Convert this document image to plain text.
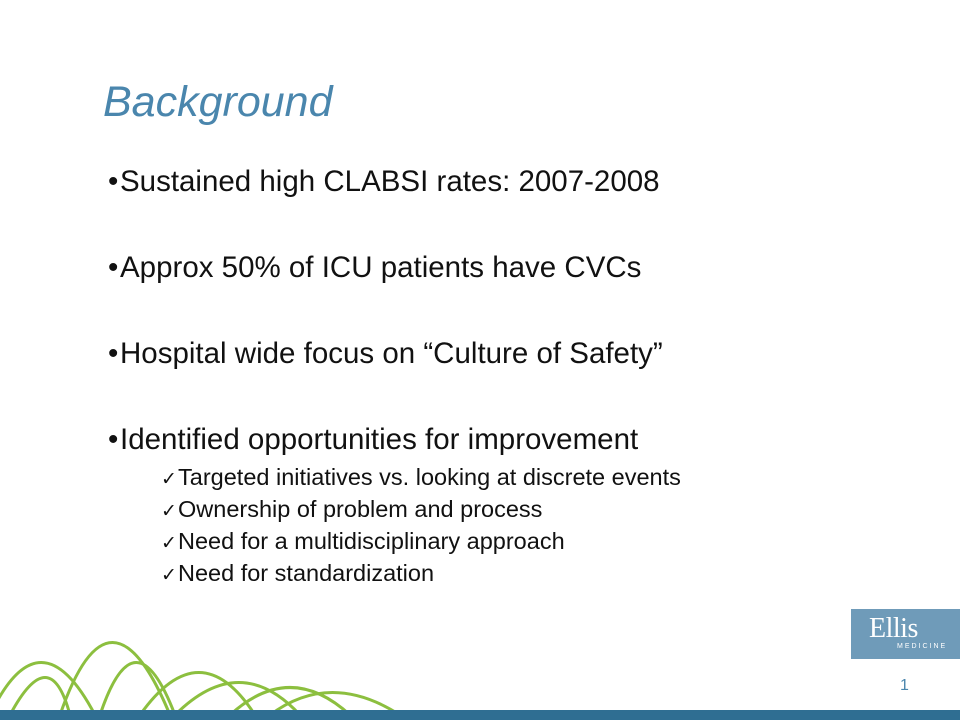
Background
•Sustained high CLABSI rates: 2007-2008
•Approx 50% of ICU patients have CVCs
•Hospital wide focus on “Culture of Safety”
•Identified opportunities for improvement
✓Targeted initiatives vs. looking at discrete events
✓Ownership of problem and process
✓Need for a multidisciplinary approach
✓Need for standardization
Ellis
MEDICINE
1
